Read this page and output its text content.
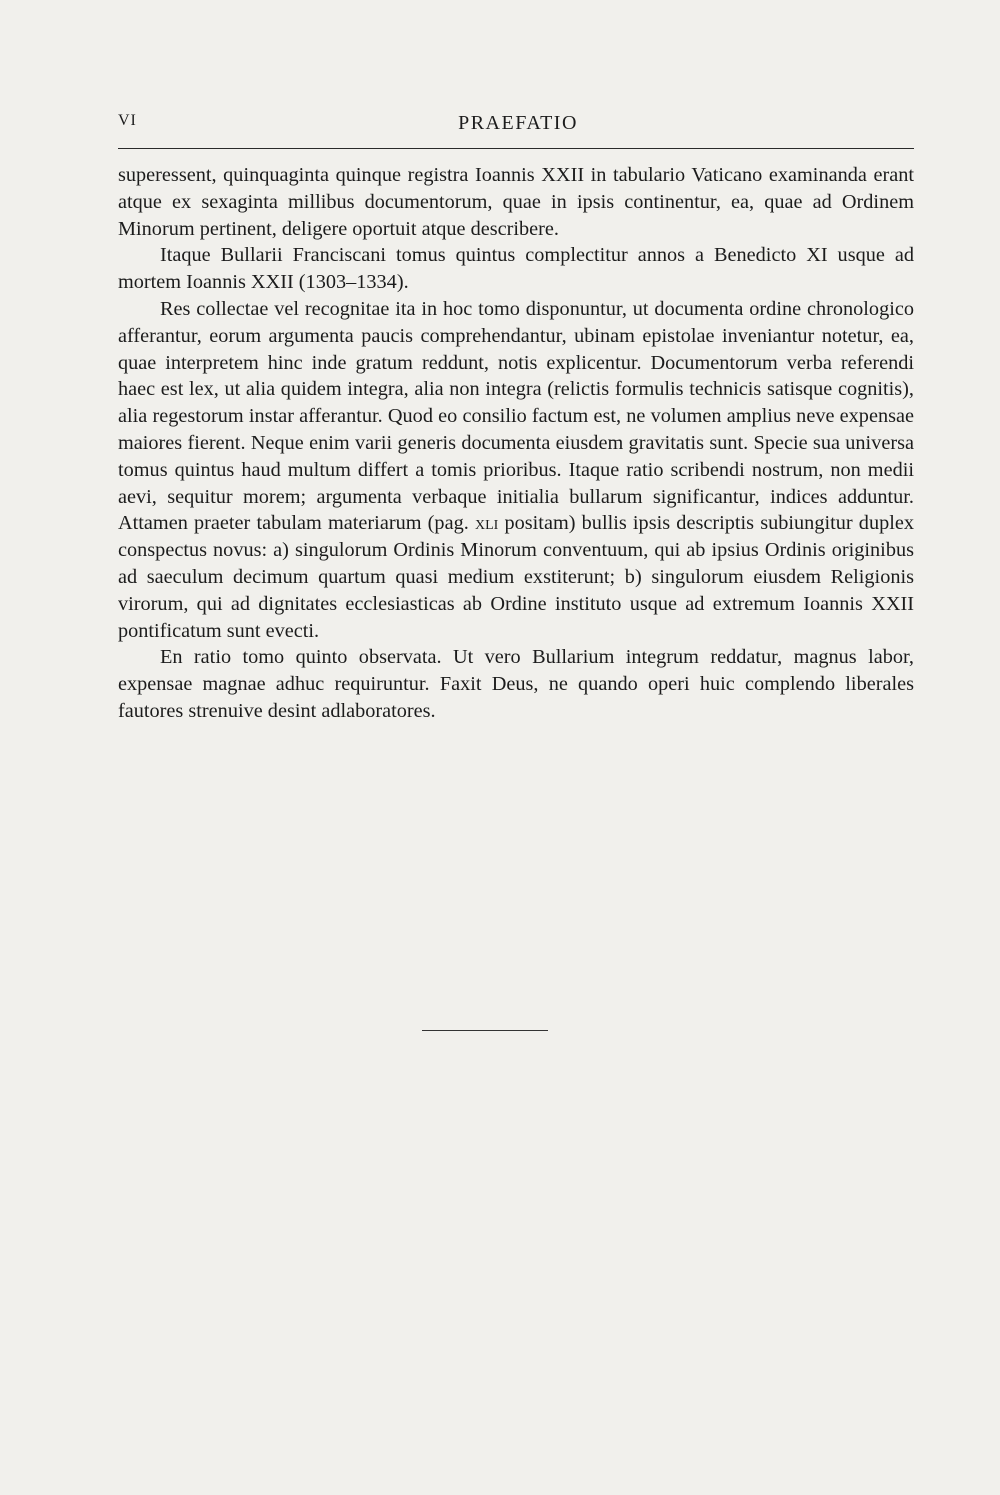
VI	PRAEFATIO

superessent, quinquaginta quinque registra Ioannis XXII in tabulario Vaticano examinanda erant atque ex sexaginta millibus documentorum, quae in ipsis continentur, ea, quae ad Ordinem Minorum pertinent, deligere oportuit atque describere.

Itaque Bullarii Franciscani tomus quintus complectitur annos a Benedicto XI usque ad mortem Ioannis XXII (1303–1334).

Res collectae vel recognitae ita in hoc tomo disponuntur, ut documenta ordine chronologico afferantur, eorum argumenta paucis comprehendantur, ubinam epistolae inveniantur notetur, ea, quae interpretem hinc inde gratum reddunt, notis explicentur. Documentorum verba referendi haec est lex, ut alia quidem integra, alia non integra (relictis formulis technicis satisque cognitis), alia regestorum instar afferantur. Quod eo consilio factum est, ne volumen amplius neve expensae maiores fierent. Neque enim varii generis documenta eiusdem gravitatis sunt. Specie sua universa tomus quintus haud multum differt a tomis prioribus. Itaque ratio scribendi nostrum, non medii aevi, sequitur morem; argumenta verbaque initialia bullarum significantur, indices adduntur. Attamen praeter tabulam materiarum (pag. xli positam) bullis ipsis descriptis subiungitur duplex conspectus novus: a) singulorum Ordinis Minorum conventuum, qui ab ipsius Ordinis originibus ad saeculum decimum quartum quasi medium exstiterunt; b) singulorum eiusdem Religionis virorum, qui ad dignitates ecclesiasticas ab Ordine instituto usque ad extremum Ioannis XXII pontificatum sunt evecti.

En ratio tomo quinto observata. Ut vero Bullarium integrum reddatur, magnus labor, expensae magnae adhuc requiruntur. Faxit Deus, ne quando operi huic complendo liberales fautores strenuive desint adlaboratores.
